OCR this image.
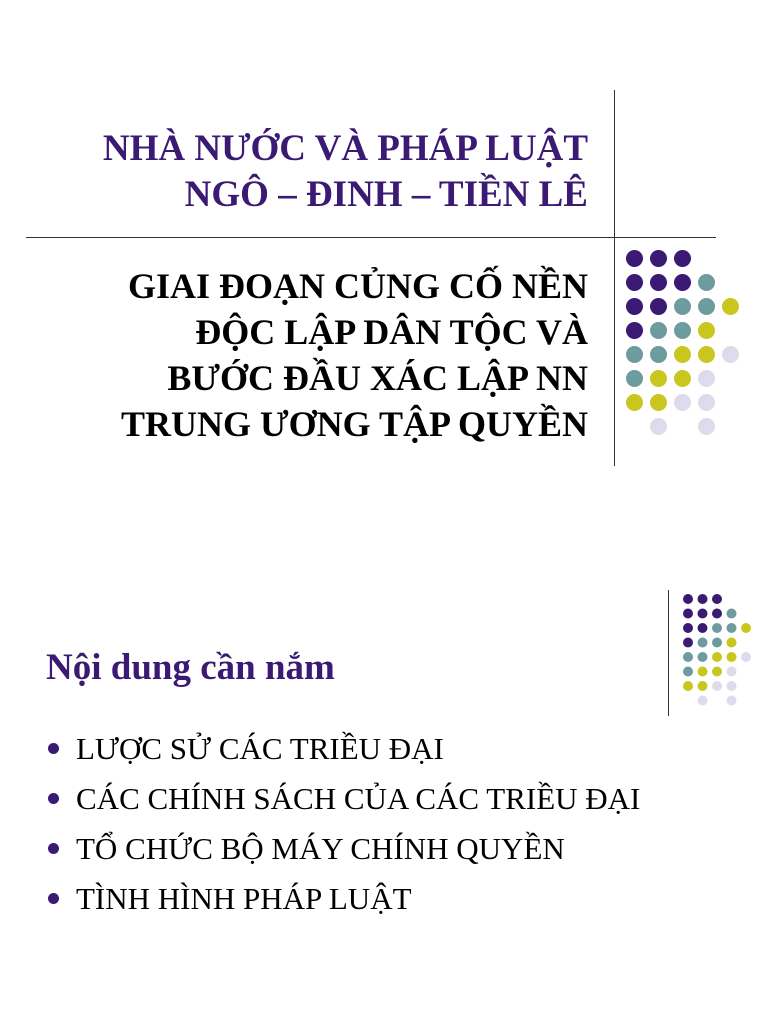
NHÀ NƯỚC VÀ PHÁP LUẬT
NGÔ – ĐINH – TIỀN LÊ
GIAI ĐOẠN CỦNG CỐ NỀN
ĐỘC LẬP DÂN TỘC VÀ
BƯỚC ĐẦU XÁC LẬP NN
TRUNG ƯƠNG TẬP QUYỀN
Nội dung cần nắm
LƯỢC SỬ CÁC TRIỀU ĐẠI
CÁC CHÍNH SÁCH CỦA CÁC TRIỀU ĐẠI
TỔ CHỨC BỘ MÁY CHÍNH QUYỀN
TÌNH HÌNH PHÁP LUẬT
